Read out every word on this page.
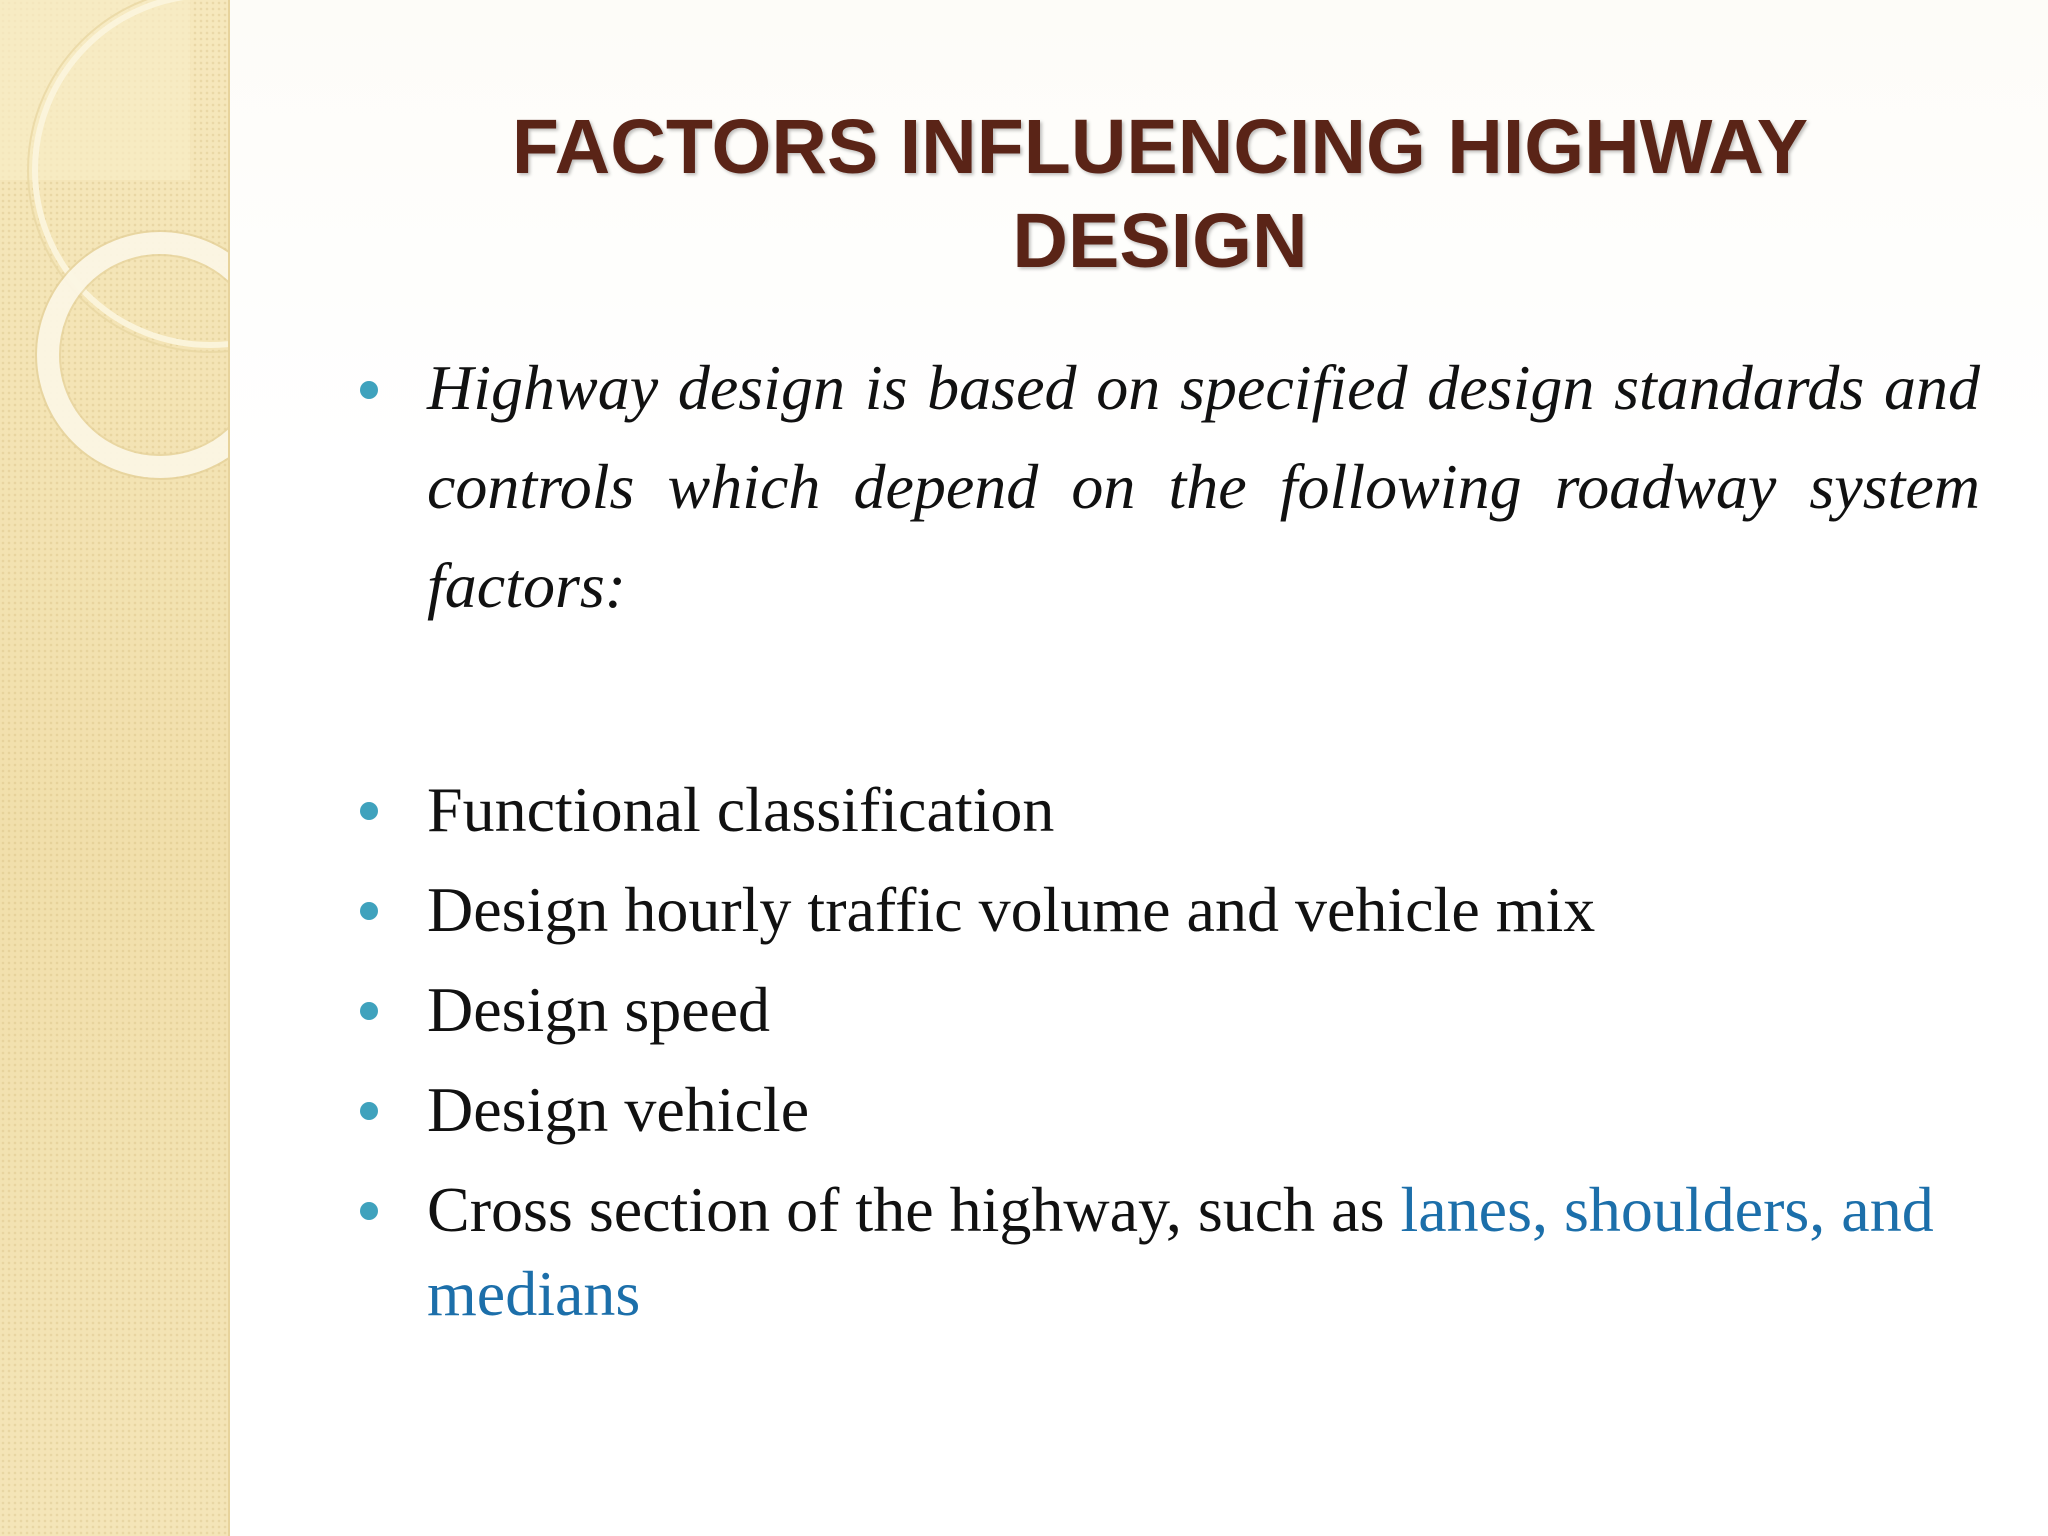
FACTORS INFLUENCING HIGHWAY DESIGN
Highway design is based on specified design standards and controls which depend on the following roadway system factors:
Functional classification
Design hourly traffic volume and vehicle mix
Design speed
Design vehicle
Cross section of the highway, such as lanes, shoulders, and medians
